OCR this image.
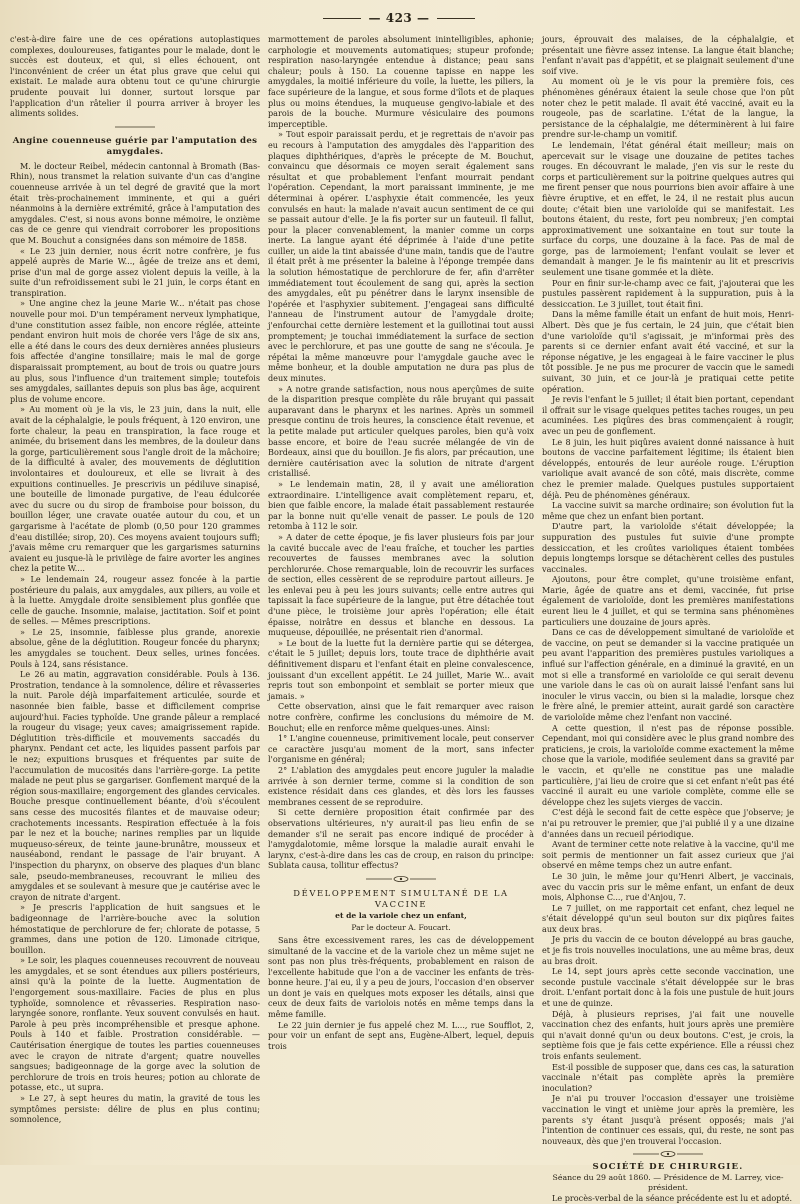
— 423 —

c'est-à-dire faire une de ces opérations autoplastiques complexes, douloureuses, fatigantes pour le malade, dont le succès est douteux, et qui, si elles échouent, ont l'inconvénient de créer un état plus grave que celui qui existait. Le malade aura obtenu tout ce qu'une chirurgie prudente pouvait lui donner, surtout lorsque par l'application d'un râtelier il pourra arriver à broyer les aliments solides.

Angine couenneuse guérie par l'amputation des amygdales.

M. le docteur Reibel, médecin cantonnal à Bromath (Bas-Rhin), nous transmet la relation suivante d'un cas d'angine couenneuse arrivée à un tel degré de gravité que la mort était très-prochainement imminente, et qui a guéri néanmoins à la dernière extrémité, grâce à l'amputation des amygdales. C'est, si nous avons bonne mémoire, le onzième cas de ce genre qui viendrait corroborer les propositions que M. Bouchut a consignées dans son mémoire de 1858.

« Le 23 juin dernier, nous écrit notre confrère, je fus appelé auprès de Marie W..., âgée de treize ans et demi, prise d'un mal de gorge assez violent depuis la veille, à la suite d'un refroidissement subi le 21 juin, le corps étant en transpiration.

» Une angine chez la jeune Marie W... n'était pas chose nouvelle pour moi. D'un tempérament nerveux lymphatique, d'une constitution assez faible, non encore réglée, atteinte pendant environ huit mois de chorée vers l'âge de six ans, elle a été dans le cours des deux dernières années plusieurs fois affectée d'angine tonsillaire; mais le mal de gorge disparaissait promptement, au bout de trois ou quatre jours au plus, sous l'influence d'un traitement simple; toutefois ses amygdales, saillantes depuis son plus bas âge, acquirent plus de volume encore.

» Au moment où je la vis, le 23 juin, dans la nuit, elle avait de la céphalalgie, le pouls fréquent, à 120 environ, une forte chaleur, la peau en transpiration, la face rouge et animée, du brisement dans les membres, de la douleur dans la gorge, particulièrement sous l'angle droit de la mâchoire; de la difficulté à avaler, des mouvements de déglutition involontaires et douloureux, et elle se livrait à des expuitions continuelles. Je prescrivis un pédiluve sinapisé, une bouteille de limonade purgative, de l'eau édulcorée avec du sucre ou du sirop de framboise pour boisson, du bouillon léger, une cravate ouatée autour du cou, et un gargarisme à l'acétate de plomb (0,50 pour 120 grammes d'eau distillée; sirop, 20). Ces moyens avaient toujours suffi; j'avais même cru remarquer que les gargarismes saturnins avaient eu jusque-là le privilège de faire avorter les angines chez la petite W....

» Le lendemain 24, rougeur assez foncée à la partie postérieure du palais, aux amygdales, aux piliers, au voile et à la luette. Amygdale droite sensiblement plus gonflée que celle de gauche. Insomnie, malaise, jactitation. Soif et point de selles. — Mêmes prescriptions.

» Le 25, insomnie, faiblesse plus grande, anorexie absolue, gêne de la déglutition. Rougeur foncée du pharynx; les amygdales se touchent. Deux selles, urines foncées. Pouls à 124, sans résistance.

Le 26 au matin, aggravation considérable. Pouls à 136. Prostration, tendance à la somnolence, délire et rêvasseries la nuit. Parole déjà imparfaitement articulée, sourde et nasonnée bien faible, basse et difficilement comprise aujourd'hui. Facies typhoïde. Une grande pâleur a remplacé la rougeur du visage; yeux caves; amaigrissement rapide. Déglutition très-difficile et mouvements saccadés du pharynx. Pendant cet acte, les liquides passent parfois par le nez; expuitions brusques et fréquentes par suite de l'accumulation de mucosités dans l'arrière-gorge. La petite malade ne peut plus se gargariser. Gonflement marqué de la région sous-maxillaire; engorgement des glandes cervicales. Bouche presque continuellement béante, d'où s'écoulent sans cesse des mucosités filantes et de mauvaise odeur; crachotements incessants. Respiration effectuée à la fois par le nez et la bouche; narines remplies par un liquide muqueuso-séreux, de teinte jaune-brunâtre, mousseux et nauséabond, rendant le passage de l'air bruyant. A l'inspection du pharynx, on observe des plaques d'un blanc sale, pseudo-membraneuses, recouvrant le milieu des amygdales et se soulevant à mesure que je cautérise avec le crayon de nitrate d'argent.

» Je prescris l'application de huit sangsues et le badigeonnage de l'arrière-bouche avec la solution hémostatique de perchlorure de fer; chlorate de potasse, 5 grammes, dans une potion de 120. Limonade citrique, bouillon.

» Le soir, les plaques couenneuses recouvrent de nouveau les amygdales, et se sont étendues aux piliers postérieurs, ainsi qu'à la pointe de la luette. Augmentation de l'engorgement sous-maxillaire. Facies de plus en plus typhoïde, somnolence et rêvasseries. Respiration naso-laryngée sonore, ronflante. Yeux souvent convulsés en haut. Parole à peu près incompréhensible et presque aphone. Pouls à 140 et faible. Prostration considérable. — Cautérisation énergique de toutes les parties couenneuses avec le crayon de nitrate d'argent; quatre nouvelles sangsues; badigeonnage de la gorge avec la solution de perchlorure de trois en trois heures; potion au chlorate de potasse, etc., ut supra.

» Le 27, à sept heures du matin, la gravité de tous les symptômes persiste: délire de plus en plus continu; somnolence,

marmottement de paroles absolument inintelligibles, aphonie; carphologie et mouvements automatiques; stupeur profonde; respiration naso-laryngée entendue à distance; peau sans chaleur; pouls à 150. La couenne tapisse en nappe les amygdales, la moitié inférieure du voile, la luette, les piliers, la face supérieure de la langue, et sous forme d'îlots et de plaques plus ou moins étendues, la muqueuse gengivo-labiale et des parois de la bouche. Murmure vésiculaire des poumons imperceptible.

» Tout espoir paraissait perdu, et je regrettais de n'avoir pas eu recours à l'amputation des amygdales dès l'apparition des plaques diphthériques, d'après le précepte de M. Bouchut, convaincu que désormais ce moyen serait également sans résultat et que probablement l'enfant mourrait pendant l'opération. Cependant, la mort paraissant imminente, je me déterminai à opérer. L'asphyxie était commencée, les yeux convulsés en haut: la malade n'avait aucun sentiment de ce qui se passait autour d'elle. Je la fis porter sur un fauteuil. Il fallut, pour la placer convenablement, la manier comme un corps inerte. La langue ayant été déprimée à l'aide d'une petite cuiller, un aide la tint abaissée d'une main, tandis que de l'autre il était prêt à me présenter la baleine à l'éponge trempée dans la solution hémostatique de perchlorure de fer, afin d'arrêter immédiatement tout écoulement de sang qui, après la section des amygdales, eût pu pénétrer dans le larynx insensible de l'opérée et l'asphyxier subitement. J'engageai sans difficulté l'anneau de l'instrument autour de l'amygdale droite; j'enfourchai cette dernière lestement et la guillotinai tout aussi promptement; je touchai immédiatement la surface de section avec le perchlorure, et pas une goutte de sang ne s'écoula. Je répétai la même manœuvre pour l'amygdale gauche avec le même bonheur, et la double amputation ne dura pas plus de deux minutes.

» A notre grande satisfaction, nous nous aperçûmes de suite de la disparition presque complète du râle bruyant qui passait auparavant dans le pharynx et les narines. Après un sommeil presque continu de trois heures, la conscience était revenue, et la petite malade put articuler quelques paroles, bien qu'à voix basse encore, et boire de l'eau sucrée mélangée de vin de Bordeaux, ainsi que du bouillon. Je fis alors, par précaution, une dernière cautérisation avec la solution de nitrate d'argent cristallisé.

» Le lendemain matin, 28, il y avait une amélioration extraordinaire. L'intelligence avait complètement reparu, et, bien que faible encore, la malade était passablement restaurée par la bonne nuit qu'elle venait de passer. Le pouls de 120 retomba à 112 le soir.

» A dater de cette époque, je fis laver plusieurs fois par jour la cavité buccale avec de l'eau fraîche, et toucher les parties recouvertes de fausses membranes avec la solution perchlorurée. Chose remarquable, loin de recouvrir les surfaces de section, elles cessèrent de se reproduire partout ailleurs. Je les enlevai peu à peu les jours suivants; celle entre autres qui tapissait la face supérieure de la langue, put être détachée tout d'une pièce, le troisième jour après l'opération; elle était épaisse, noirâtre en dessus et blanche en dessous. La muqueuse, dépouillée, ne présentait rien d'anormal.

» Le bout de la luette fut la dernière partie qui se détergea, c'était le 5 juillet; depuis lors, toute trace de diphthérie avait définitivement disparu et l'enfant était en pleine convalescence, jouissant d'un excellent appétit. Le 24 juillet, Marie W... avait repris tout son embonpoint et semblait se porter mieux que jamais. »

Cette observation, ainsi que le fait remarquer avec raison notre confrère, confirme les conclusions du mémoire de M. Bouchut; elle en renforce même quelques-unes. Ainsi:

1° L'angine couenneuse, primitivement locale, peut conserver ce caractère jusqu'au moment de la mort, sans infecter l'organisme en général;

2° L'ablation des amygdales peut encore juguler la maladie arrivée à son dernier terme, comme si la condition de son existence résidait dans ces glandes, et dès lors les fausses membranes cessent de se reproduire.

Si cette dernière proposition était confirmée par des observations ultérieures, n'y aurait-il pas lieu enfin de se demander s'il ne serait pas encore indiqué de procéder à l'amygdalotomie, même lorsque la maladie aurait envahi le larynx, c'est-à-dire dans les cas de croup, en raison du principe: Sublata causa, tollitur effectus?

DÉVELOPPEMENT SIMULTANÉ DE LA VACCINE
et de la variole chez un enfant,
Par le docteur A. Foucart.

Sans être excessivement rares, les cas de développement simultané de la vaccine et de la variole chez un même sujet ne sont pas non plus très-fréquents, probablement en raison de l'excellente habitude que l'on a de vacciner les enfants de très-bonne heure. J'ai eu, il y a peu de jours, l'occasion d'en observer un dont je vais en quelques mots exposer les détails, ainsi que ceux de deux faits de variolois notés en même temps dans la même famille.

Le 22 juin dernier je fus appelé chez M. L..., rue Soufflot, 2, pour voir un enfant de sept ans, Eugène-Albert, lequel, depuis trois

jours, éprouvait des malaises, de la céphalalgie, et présentait une fièvre assez intense. La langue était blanche; l'enfant n'avait pas d'appétit, et se plaignait seulement d'une soif vive.

Au moment où je le vis pour la première fois, ces phénomènes généraux étaient la seule chose que l'on pût noter chez le petit malade. Il avait été vacciné, avait eu la rougeole, pas de scarlatine. L'état de la langue, la persistance de la céphalalgie, me déterminèrent à lui faire prendre sur-le-champ un vomitif.

Le lendemain, l'état général était meilleur; mais on apercevait sur le visage une douzaine de petites taches rouges. En découvrant le malade, j'en vis sur le reste du corps et particulièrement sur la poitrine quelques autres qui me firent penser que nous pourrions bien avoir affaire à une fièvre éruptive, et en effet, le 24, il ne restait plus aucun doute; c'était bien une varioloïde qui se manifestait. Les boutons étaient, du reste, fort peu nombreux; j'en comptai approximativement une soixantaine en tout sur toute la surface du corps, une douzaine à la face. Pas de mal de gorge, pas de larmoiement; l'enfant voulait se lever et demandait à manger. Je le fis maintenir au lit et prescrivis seulement une tisane gommée et la diète.

Pour en finir sur-le-champ avec ce fait, j'ajouterai que les pustules passèrent rapidement à la suppuration, puis à la dessiccation. Le 3 juillet, tout était fini.

Dans la même famille était un enfant de huit mois, Henri-Albert. Dès que je fus certain, le 24 juin, que c'était bien d'une varioloïde qu'il s'agissait, je m'informai près des parents si ce dernier enfant avait été vacciné, et sur la réponse négative, je les engageai à le faire vacciner le plus tôt possible. Je ne pus me procurer de vaccin que le samedi suivant, 30 juin, et ce jour-là je pratiquai cette petite opération.

Je revis l'enfant le 5 juillet; il était bien portant, cependant il offrait sur le visage quelques petites taches rouges, un peu acuminées. Les piqûres des bras commençaient à rougir, avec un peu de gonflement.

Le 8 juin, les huit piqûres avaient donné naissance à huit boutons de vaccine parfaitement légitime; ils étaient bien développés, entourés de leur auréole rouge. L'éruption variolique avait avancé de son côté, mais discrète, comme chez le premier malade. Quelques pustules supportaient déjà. Peu de phénomènes généraux.

La vaccine suivit sa marche ordinaire; son évolution fut la même que chez un enfant bien portant.

D'autre part, la varioloïde s'était développée; la suppuration des pustules fut suivie d'une prompte dessiccation, et les croûtes varioliques étaient tombées depuis longtemps lorsque se détachèrent celles des pustules vaccinales.

Ajoutons, pour être complet, qu'une troisième enfant, Marie, âgée de quatre ans et demi, vaccinée, fut prise également de varioloïde, dont les premières manifestations eurent lieu le 4 juillet, et qui se termina sans phénomènes particuliers une douzaine de jours après.

Dans ce cas de développement simultané de varioloïde et de vaccine, on peut se demander si la vaccine pratiquée un peu avant l'apparition des premières pustules varioliques a influé sur l'affection générale, en a diminué la gravité, en un mot si elle a transformé en varioloïde ce qui serait devenu une variole dans le cas où on aurait laissé l'enfant sans lui inoculer le virus vaccin, ou bien si la maladie, lorsque chez le frère aîné, le premier atteint, aurait gardé son caractère de varioloïde même chez l'enfant non vacciné.

A cette question, il n'est pas de réponse possible. Cependant, moi qui considère avec le plus grand nombre des praticiens, je crois, la varioloïde comme exactement la même chose que la variole, modifiée seulement dans sa gravité par le vaccin, et qu'elle ne constitue pas une maladie particulière, j'ai lieu de croire que si cet enfant n'eût pas été vacciné il aurait eu une variole complète, comme elle se développe chez les sujets vierges de vaccin.

C'est déjà le second fait de cette espèce que j'observe; je n'ai pu retrouver le premier, que j'ai publié il y a une dizaine d'années dans un recueil périodique.

Avant de terminer cette note relative à la vaccine, qu'il me soit permis de mentionner un fait assez curieux que j'ai observé en même temps chez un autre enfant.

Le 30 juin, le même jour qu'Henri Albert, je vaccinais, avec du vaccin pris sur le même enfant, un enfant de deux mois, Alphonse C..., rue d'Anjou, 7.

Le 7 juillet, on me rapportait cet enfant, chez lequel ne s'était développé qu'un seul bouton sur dix piqûres faites aux deux bras.

Je pris du vaccin de ce bouton développé au bras gauche, et je fis trois nouvelles inoculations, une au même bras, deux au bras droit.

Le 14, sept jours après cette seconde vaccination, une seconde pustule vaccinale s'était développée sur le bras droit. L'enfant portait donc à la fois une pustule de huit jours et une de quinze.

Déjà, à plusieurs reprises, j'ai fait une nouvelle vaccination chez des enfants, huit jours après une première qui n'avait donné qu'un ou deux boutons. C'est, je crois, la septième fois que je fais cette expérience. Elle a réussi chez trois enfants seulement.

Est-il possible de supposer que, dans ces cas, la saturation vaccinale n'était pas complète après la première inoculation?

Je n'ai pu trouver l'occasion d'essayer une troisième vaccination le vingt et unième jour après la première, les parents s'y étant jusqu'à présent opposés; mais j'ai l'intention de continuer ces essais, qui, du reste, ne sont pas nouveaux, dès que j'en trouverai l'occasion.

SOCIÉTÉ DE CHIRURGIE.
Séance du 29 août 1860. — Présidence de M. Larrey, vice-président.

Le procès-verbal de la séance précédente est lu et adopté.
